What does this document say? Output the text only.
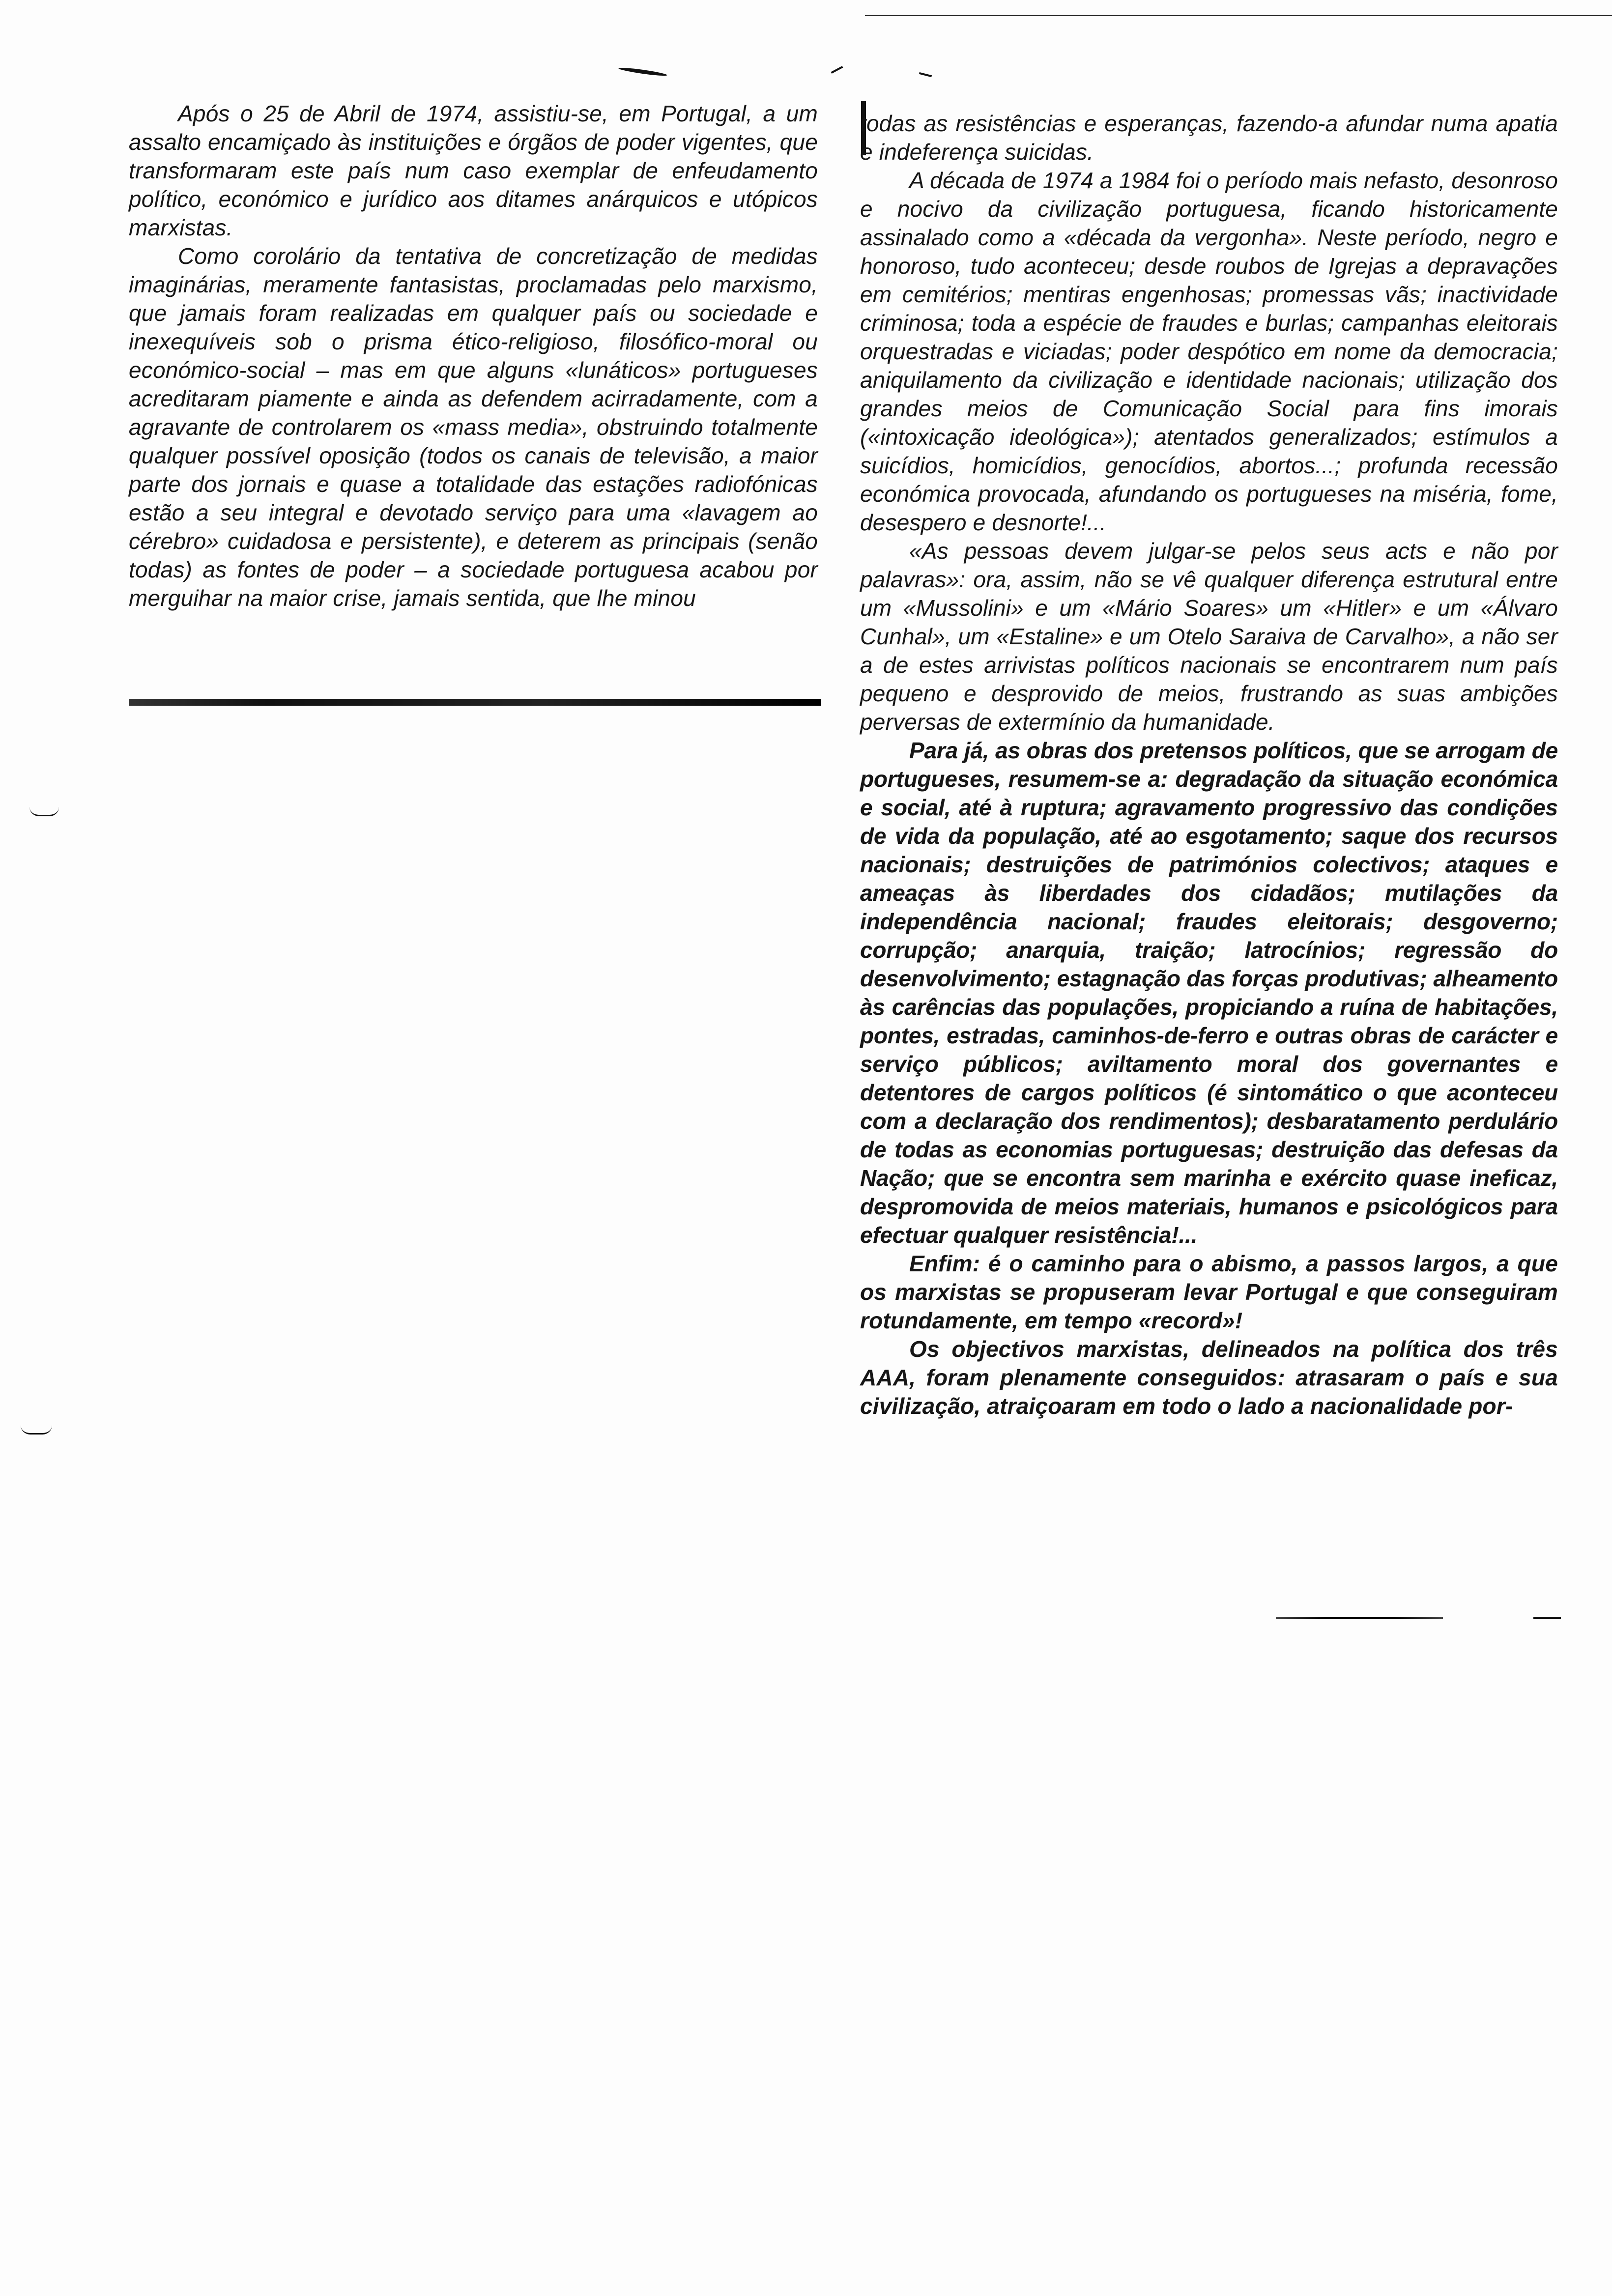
Após o 25 de Abril de 1974, assistiu-se, em Portugal, a um assalto encamiçado às instituições e órgãos de poder vigentes, que transformaram este país num caso exemplar de enfeudamento político, económico e jurídico aos ditames anárquicos e utópicos marxistas.

Como corolário da tentativa de concretização de medidas imaginárias, meramente fantasistas, proclamadas pelo marxismo, que jamais foram realizadas em qualquer país ou sociedade e inexequíveis sob o prisma ético-religioso, filosófico-moral ou económico-social – mas em que alguns «lunáticos» portugueses acreditaram piamente e ainda as defendem acirradamente, com a agravante de controlarem os «mass media», obstruindo totalmente qualquer possível oposição (todos os canais de televisão, a maior parte dos jornais e quase a totalidade das estações radiofónicas estão a seu integral e devotado serviço para uma «lavagem ao cérebro» cuidadosa e persistente), e deterem as principais (senão todas) as fontes de poder – a sociedade portuguesa acabou por merguihar na maior crise, jamais sentida, que lhe minou

todas as resistências e esperanças, fazendo-a afundar numa apatia e indeferença suicidas.

A década de 1974 a 1984 foi o período mais nefasto, desonroso e nocivo da civilização portuguesa, ficando historicamente assinalado como a «década da vergonha». Neste período, negro e honoroso, tudo aconteceu; desde roubos de Igrejas a depravações em cemitérios; mentiras engenhosas; promessas vãs; inactividade criminosa; toda a espécie de fraudes e burlas; campanhas eleitorais orquestradas e viciadas; poder despótico em nome da democracia; aniquilamento da civilização e identidade nacionais; utilização dos grandes meios de Comunicação Social para fins imorais («intoxicação ideológica»); atentados generalizados; estímulos a suicídios, homicídios, genocídios, abortos...; profunda recessão económica provocada, afundando os portugueses na miséria, fome, desespero e desnorte!...

«As pessoas devem julgar-se pelos seus acts e não por palavras»: ora, assim, não se vê qualquer diferença estrutural entre um «Mussolini» e um «Mário Soares» um «Hitler» e um «Álvaro Cunhal», um «Estaline» e um Otelo Saraiva de Carvalho», a não ser a de estes arrivistas políticos nacionais se encontrarem num país pequeno e desprovido de meios, frustrando as suas ambições perversas de extermínio da humanidade.

Para já, as obras dos pretensos políticos, que se arrogam de portugueses, resumem-se a: degradação da situação económica e social, até à ruptura; agravamento progressivo das condições de vida da população, até ao esgotamento; saque dos recursos nacionais; destruições de patrimónios colectivos; ataques e ameaças às liberdades dos cidadãos; mutilações da independência nacional; fraudes eleitorais; desgoverno; corrupção; anarquia, traição; latrocínios; regressão do desenvolvimento; estagnação das forças produtivas; alheamento às carências das populações, propiciando a ruína de habitações, pontes, estradas, caminhos-de-ferro e outras obras de carácter e serviço públicos; aviltamento moral dos governantes e detentores de cargos políticos (é sintomático o que aconteceu com a declaração dos rendimentos); desbaratamento perdulário de todas as economias portuguesas; destruição das defesas da Nação; que se encontra sem marinha e exército quase ineficaz, despromovida de meios materiais, humanos e psicológicos para efectuar qualquer resistência!...

Enfim: é o caminho para o abismo, a passos largos, a que os marxistas se propuseram levar Portugal e que conseguiram rotundamente, em tempo «record»!

Os objectivos marxistas, delineados na política dos três AAA, foram plenamente conseguidos: atrasaram o país e sua civilização, atraiçoaram em todo o lado a nacionalidade por-
